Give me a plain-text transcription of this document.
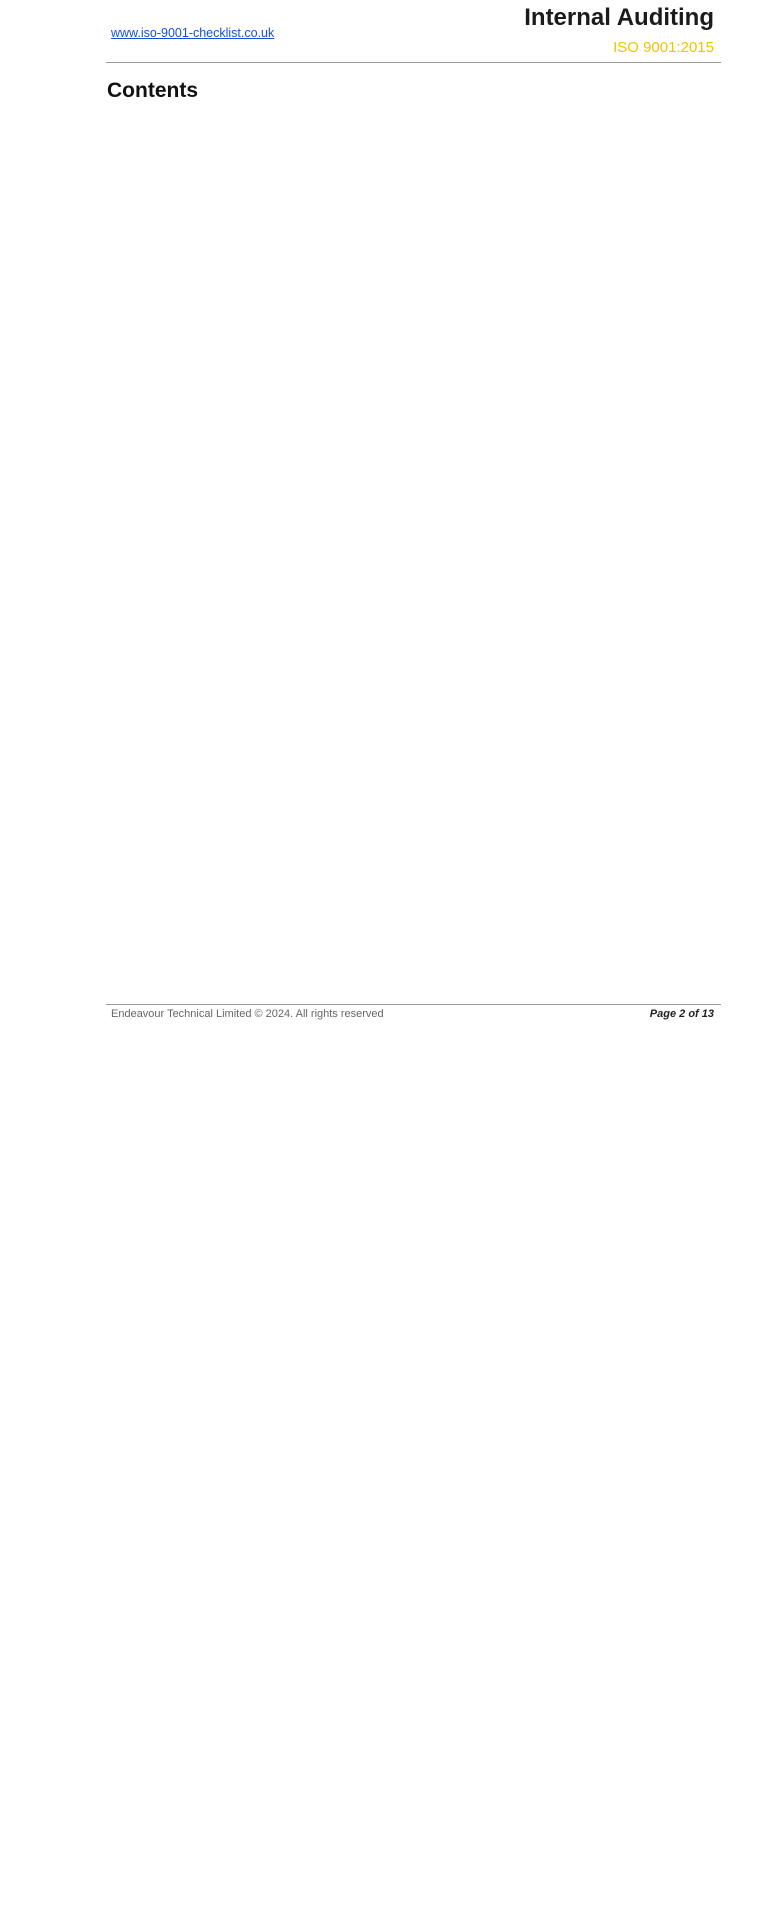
www.iso-9001-checklist.co.uk
Internal Auditing
ISO 9001:2015
Contents
Endeavour Technical Limited © 2024. All rights reserved	Page 2 of 13
